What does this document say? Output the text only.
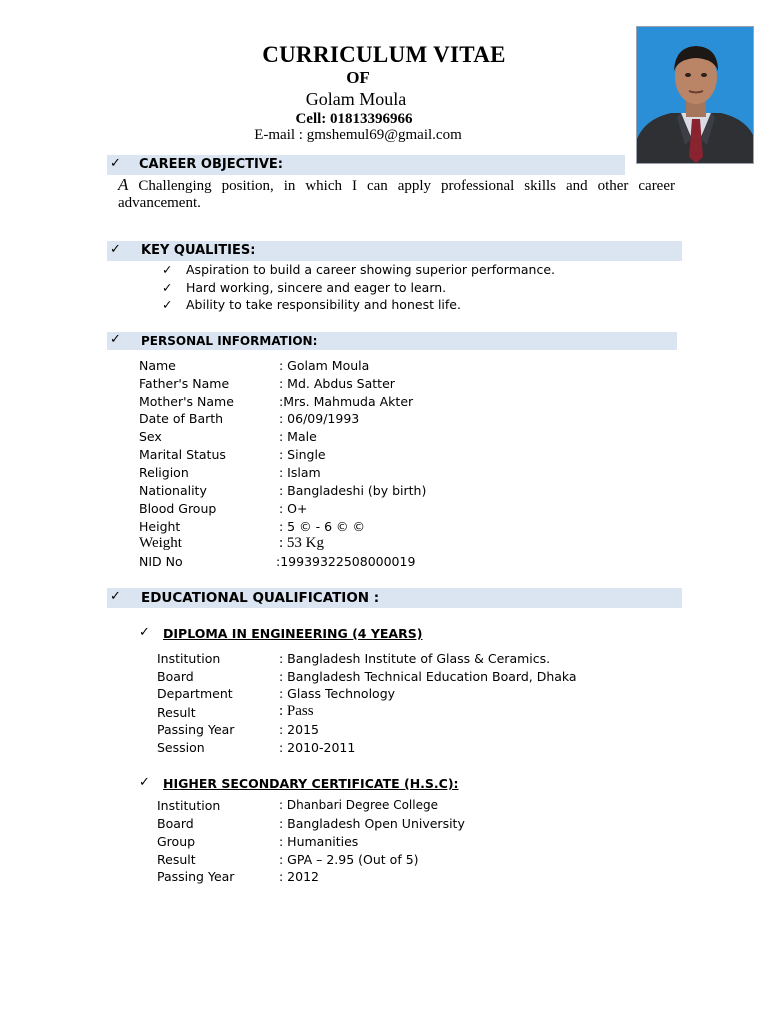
CURRICULUM VITAE
OF
Golam Moula
Cell: 01813396966
E-mail : gmshemul69@gmail.com
✓ CAREER OBJECTIVE:
A Challenging position, in which I can apply professional skills and other career advancement.
✓ KEY QUALITIES:
✓ Aspiration to build a career showing superior performance.
✓ Hard working, sincere and eager to learn.
✓ Ability to take responsibility and honest life.
✓ PERSONAL INFORMATION:
Name	: Golam Moula
Father's Name	: Md. Abdus Satter
Mother's Name	:Mrs. Mahmuda Akter
Date of Barth	: 06/09/1993
Sex	: Male
Marital Status	: Single
Religion	: Islam
Nationality	: Bangladeshi (by birth)
Blood Group	: O+
Height	: 5 © - 6 © ©
Weight	: 53 Kg
NID No	:19939322508000019
✓ EDUCATIONAL QUALIFICATION :
✓ DIPLOMA IN ENGINEERING (4 YEARS)
Institution	: Bangladesh Institute of Glass & Ceramics.
Board	: Bangladesh Technical Education Board, Dhaka
Department	: Glass Technology
Result	: Pass
Passing Year	: 2015
Session	: 2010-2011
✓ HIGHER SECONDARY CERTIFICATE (H.S.C):
Institution	: Dhanbari Degree College
Board	: Bangladesh Open University
Group	: Humanities
Result	: GPA – 2.95 (Out of 5)
Passing Year	: 2012
